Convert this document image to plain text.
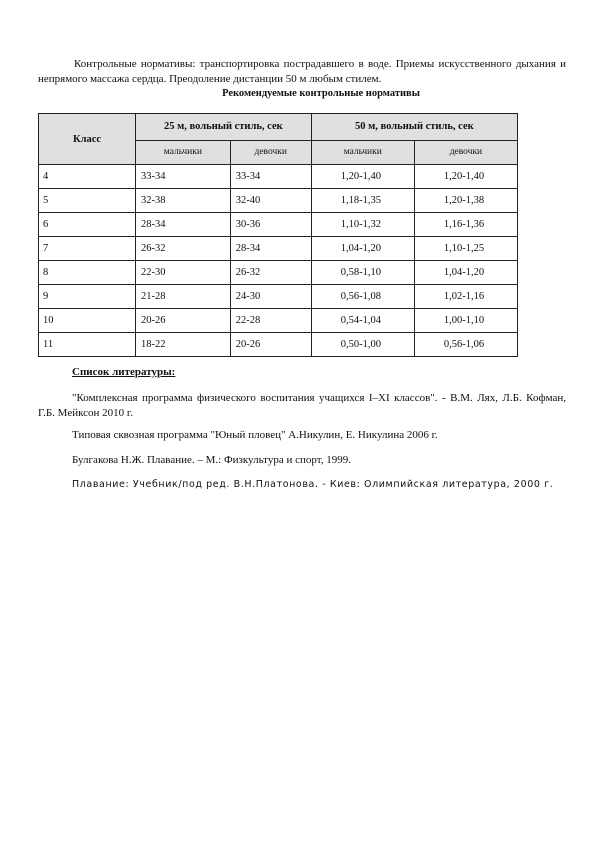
Контрольные нормативы: транспортировка пострадавшего в воде. Приемы искусственного дыхания и непрямого массажа сердца. Преодоление дистанции 50 м любым стилем.

Рекомендуемые контрольные нормативы
Класс	25 м, вольный стиль, сек		50 м, вольный стиль, сек	
	мальчики	девочки	мальчики	девочки
4	33-34	33-34	1,20-1,40	1,20-1,40
5	32-38	32-40	1,18-1,35	1,20-1,38
6	28-34	30-36	1,10-1,32	1,16-1,36
7	26-32	28-34	1,04-1,20	1,10-1,25
8	22-30	26-32	0,58-1,10	1,04-1,20
9	21-28	24-30	0,56-1,08	1,02-1,16
10	20-26	22-28	0,54-1,04	1,00-1,10
11	18-22	20-26	0,50-1,00	0,56-1,06
Список литературы:
"Комплексная программа физического воспитания учащихся I–XI классов". - В.М. Лях, Л.Б. Кофман, Г.Б. Мейксон 2010 г.
Типовая сквозная программа "Юный пловец" А.Никулин, Е. Никулина 2006 г.
Булгакова Н.Ж. Плавание. – М.: Физкультура и спорт, 1999.
Плавание: Учебник/под ред. В.Н.Платонова. - Киев: Олимпийская литература, 2000 г.
